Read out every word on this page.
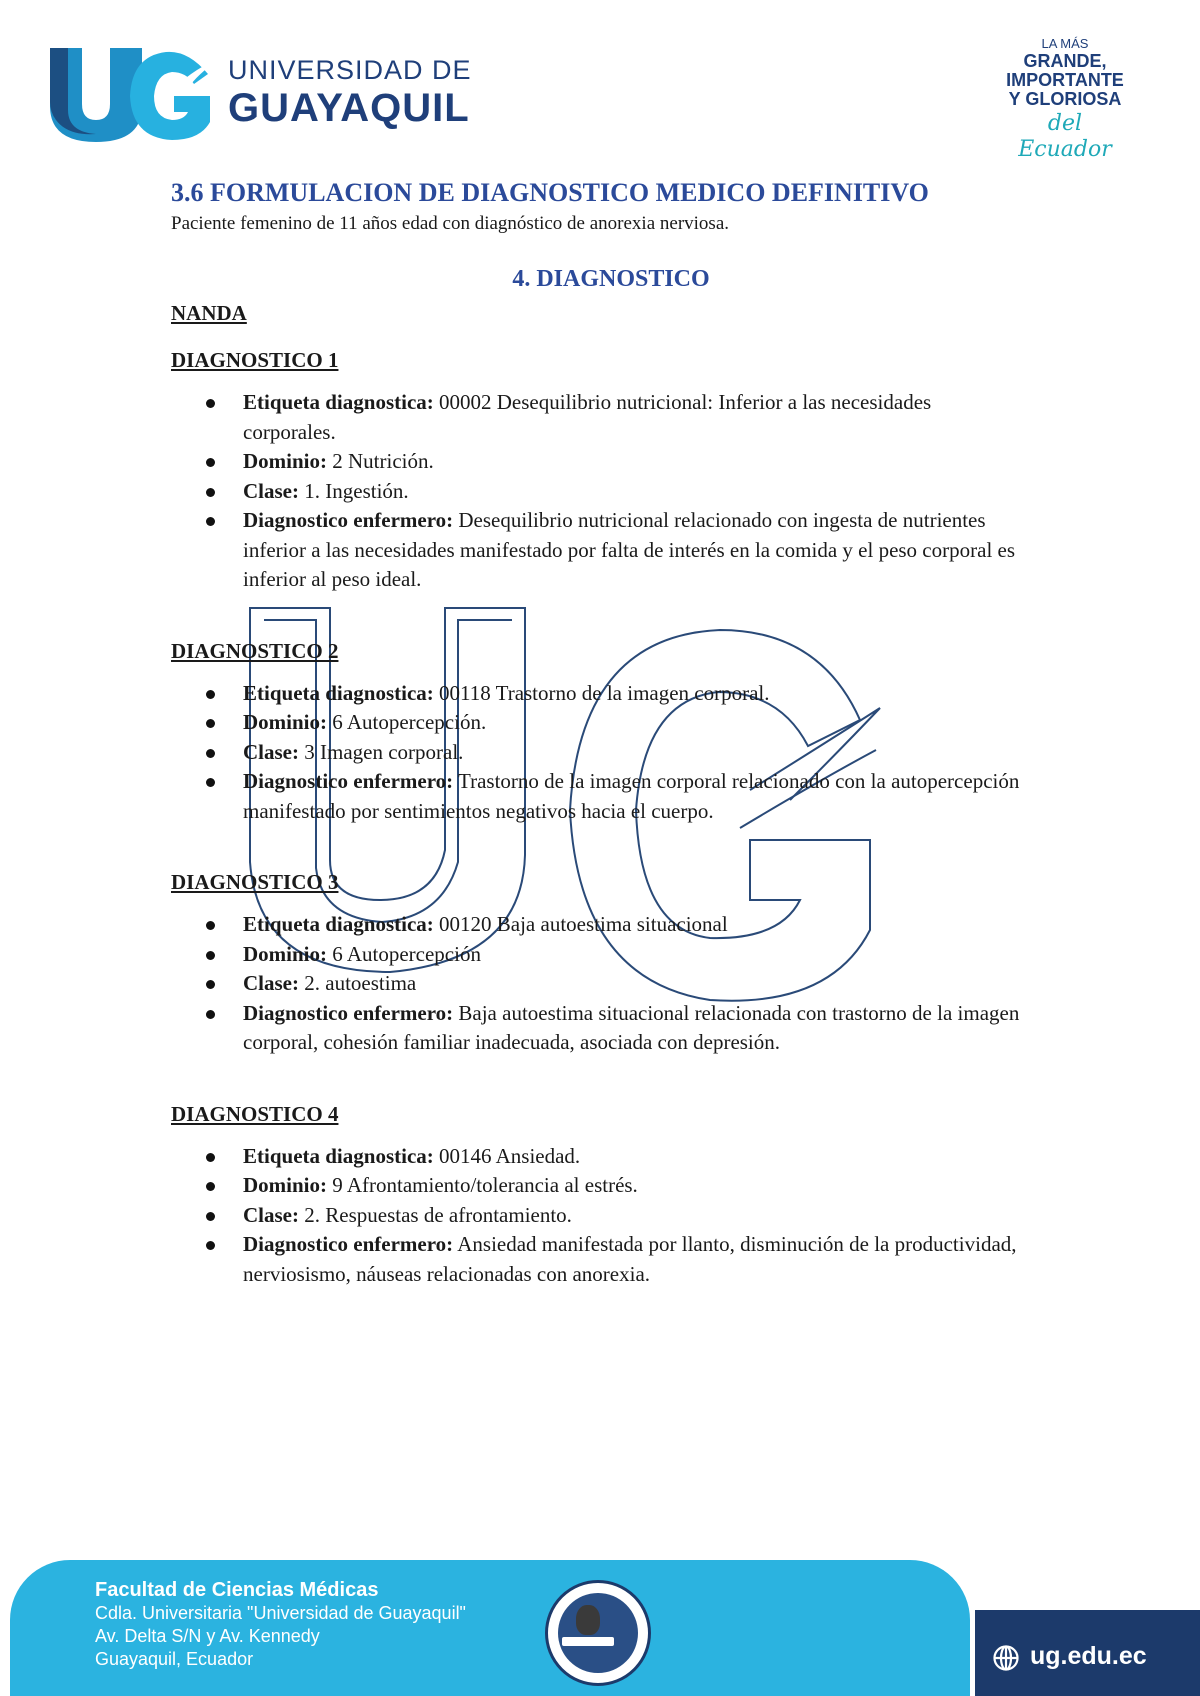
UNIVERSIDAD DE
GUAYAQUIL
LA MÁS
GRANDE,
IMPORTANTE
Y GLORIOSA
del Ecuador
3.6 FORMULACION DE DIAGNOSTICO MEDICO DEFINITIVO
Paciente femenino de 11 años edad con diagnóstico de anorexia nerviosa.
4. DIAGNOSTICO
NANDA
DIAGNOSTICO 1
Etiqueta diagnostica: 00002 Desequilibrio nutricional: Inferior a las necesidades corporales.
Dominio: 2 Nutrición.
Clase: 1. Ingestión.
Diagnostico enfermero: Desequilibrio nutricional relacionado con ingesta de nutrientes inferior a las necesidades manifestado por falta de interés en la comida y el peso corporal es inferior al peso ideal.
DIAGNOSTICO 2
Etiqueta diagnostica: 00118 Trastorno de la imagen corporal.
Dominio: 6 Autopercepción.
Clase: 3 Imagen corporal.
Diagnostico enfermero: Trastorno de la imagen corporal relacionado con la autopercepción manifestado por sentimientos negativos hacia el cuerpo.
DIAGNOSTICO 3
Etiqueta diagnostica: 00120 Baja autoestima situacional
Dominio: 6 Autopercepción
Clase: 2. autoestima
Diagnostico enfermero: Baja autoestima situacional relacionada con trastorno de la imagen corporal, cohesión familiar inadecuada, asociada con depresión.
DIAGNOSTICO 4
Etiqueta diagnostica: 00146 Ansiedad.
Dominio: 9 Afrontamiento/tolerancia al estrés.
Clase: 2. Respuestas de afrontamiento.
Diagnostico enfermero: Ansiedad manifestada por llanto, disminución de la productividad, nerviosismo, náuseas relacionadas con anorexia.
Facultad de Ciencias Médicas
Cdla. Universitaria "Universidad de Guayaquil"
Av. Delta S/N y Av. Kennedy
Guayaquil, Ecuador	ug.edu.ec
